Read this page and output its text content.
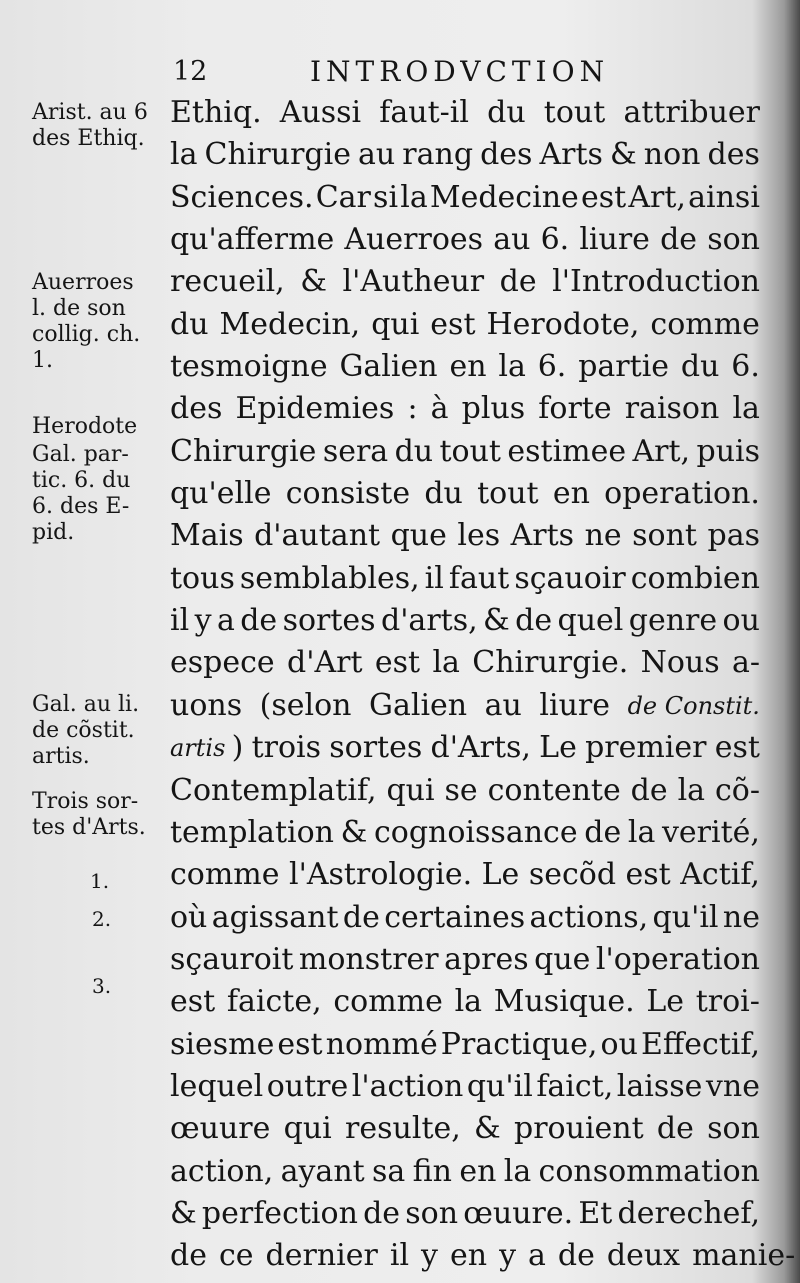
12	INTRODVCTION
Ethiq. Aussi faut-il du tout attribuer
la Chirurgie au rang des Arts & non des
Sciences. Car si la Medecine est Art, ainsi
qu'afferme Auerroes au 6. liure de son
recueil, & l'Autheur de l'Introduction
du Medecin, qui est Herodote, comme
tesmoigne Galien en la 6. partie du 6.
des Epidemies : à plus forte raison la
Chirurgie sera du tout estimee Art, puis
qu'elle consiste du tout en operation.
Mais d'autant que les Arts ne sont pas
tous semblables, il faut sçauoir combien
il y a de sortes d'arts, & de quel genre ou
espece d'Art est la Chirurgie. Nous a-
uons (selon Galien au liure de Constit.
artis ) trois sortes d'Arts, Le premier est
Contemplatif, qui se contente de la cõ-
templation & cognoissance de la verité,
comme l'Astrologie. Le secõd est Actif,
où agissant de certaines actions, qu'il ne
sçauroit monstrer apres que l'operation
est faicte, comme la Musique. Le troi-
siesme est nommé Practique, ou Effectif,
lequel outre l'action qu'il faict, laisse vne
œuure qui resulte, & prouient de son
action, ayant sa fin en la consommation
& perfection de son œuure. Et derechef,
de ce dernier il y en y a de deux manie-
Arist. au 6
des Ethiq.
Auerroes
l. de son
collig. ch.
1.
Herodote
Gal. par-
tic. 6. du
6. des E-
pid.
Gal. au li.
de cõstit.
artis.
Trois sor-
tes d'Arts.
1.
2.
3.
